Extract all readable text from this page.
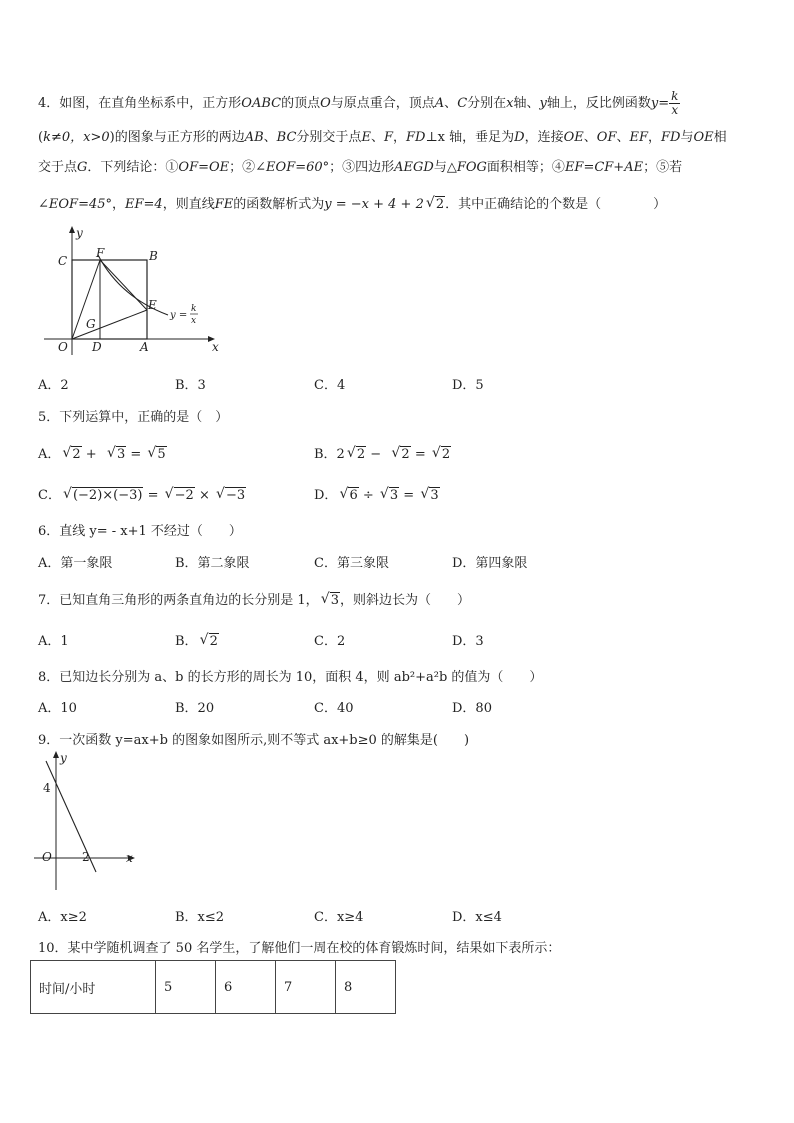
4．如图，在直角坐标系中，正方形OABC的顶点O与原点重合，顶点A、C分别在x轴、y轴上，反比例函数$y= \frac{k}{x}$
(k≠0，x>0)的图象与正方形的两边AB、BC分别交于点E、F，FD⊥x 轴，垂足为D，连接OE、OF、EF，FD与OE相
交于点G．下列结论：①OF=OE；②∠EOF=60°；③四边形AEGD与△FOG面积相等；④EF=CF+AE；⑤若
∠EOF=45°，EF=4，则直线FE的函数解析式为y = −x + 4 + 2 √ 2．其中正确结论的个数是（	）
y
x
O
C
F	B
E
G
D	A
y =
k
x
A．2	B．3	C．4	D．5
5．下列运算中，正确的是（　）
A． √ 2 +  √ 3 = √ 5	B．2 √ 2 −  √ 2 = √ 2
C． √ (−2)×(−3) = √ −2 × √ −3	D． √ 6 ÷ √ 3 = √ 3
6．直线 y= - x+1 不经过（　　）
A．第一象限	B．第二象限	C．第三象限	D．第四象限
7．已知直角三角形的两条直角边的长分别是 1， √ 3，则斜边长为（　　）
A．1	B． √ 2	C．2	D．3
8．已知边长分别为 a、b 的长方形的周长为 10，面积 4，则 ab²+a²b 的值为（　　）
A．10	B．20	C．40	D．80
9．一次函数 y=ax+b 的图象如图所示,则不等式 ax+b≥0 的解集是(　　)
y
x
O
4
2
A．x≥2	B．x≤2	C．x≥4	D．x≤4
10．某中学随机调查了 50 名学生，了解他们一周在校的体育锻炼时间，结果如下表所示：
时间/小时	5	6	7	8
